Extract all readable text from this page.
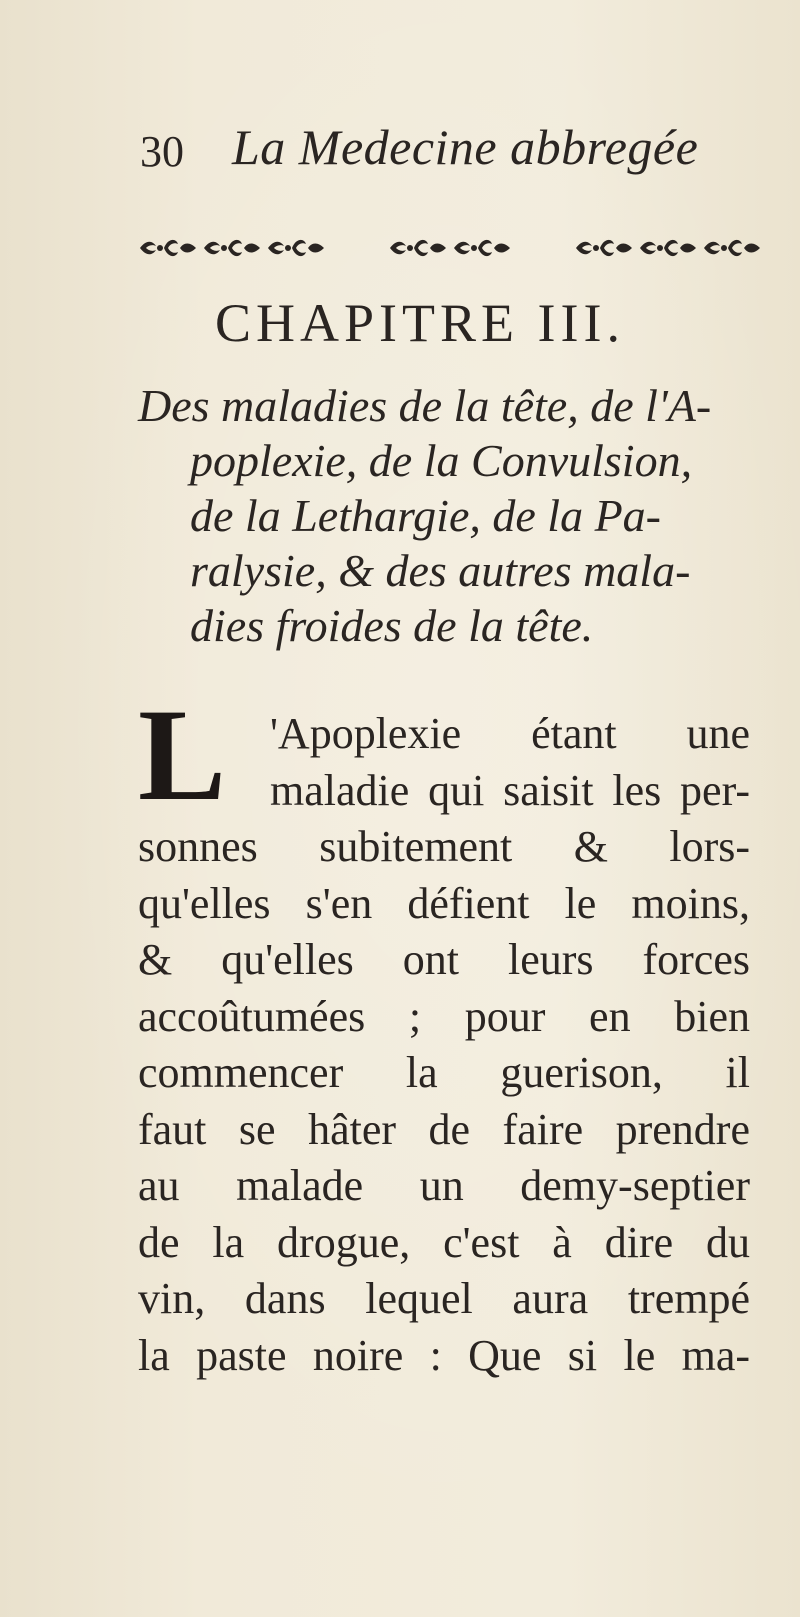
30 La Medecine abbregée
CHAPITRE III.
Des maladies de la tête, de l'A-
poplexie, de la Convulsion,
de la Lethargie, de la Pa-
ralysie, & des autres mala-
dies froides de la tête.
L 'Apoplexie étant une
maladie qui saisit les per-
sonnes subitement & lors-
qu'elles s'en défient le moins,
& qu'elles ont leurs forces
accoûtumées ; pour en bien
commencer la guerison, il
faut se hâter de faire prendre
au malade un demy-septier
de la drogue, c'est à dire du
vin, dans lequel aura trempé
la paste noire : Que si le ma-
